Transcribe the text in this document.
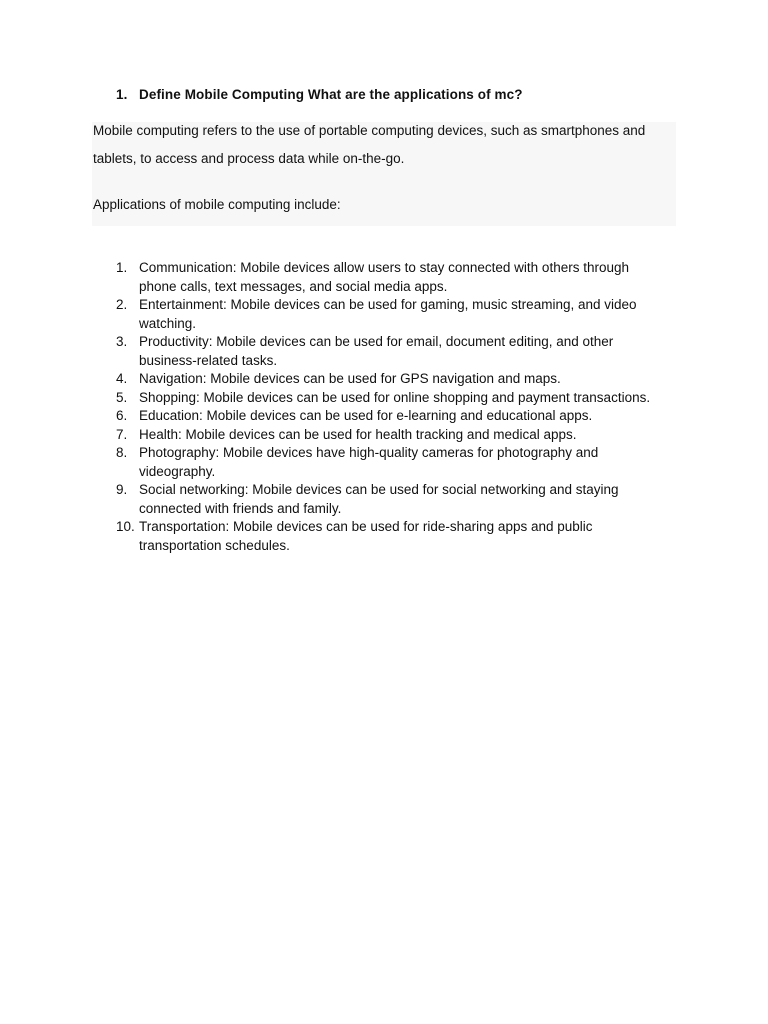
1. Define Mobile Computing What are the applications of mc?

Mobile computing refers to the use of portable computing devices, such as smartphones and tablets, to access and process data while on-the-go.

Applications of mobile computing include:

1. Communication: Mobile devices allow users to stay connected with others through phone calls, text messages, and social media apps.
2. Entertainment: Mobile devices can be used for gaming, music streaming, and video watching.
3. Productivity: Mobile devices can be used for email, document editing, and other business-related tasks.
4. Navigation: Mobile devices can be used for GPS navigation and maps.
5. Shopping: Mobile devices can be used for online shopping and payment transactions.
6. Education: Mobile devices can be used for e-learning and educational apps.
7. Health: Mobile devices can be used for health tracking and medical apps.
8. Photography: Mobile devices have high-quality cameras for photography and videography.
9. Social networking: Mobile devices can be used for social networking and staying connected with friends and family.
10. Transportation: Mobile devices can be used for ride-sharing apps and public transportation schedules.
